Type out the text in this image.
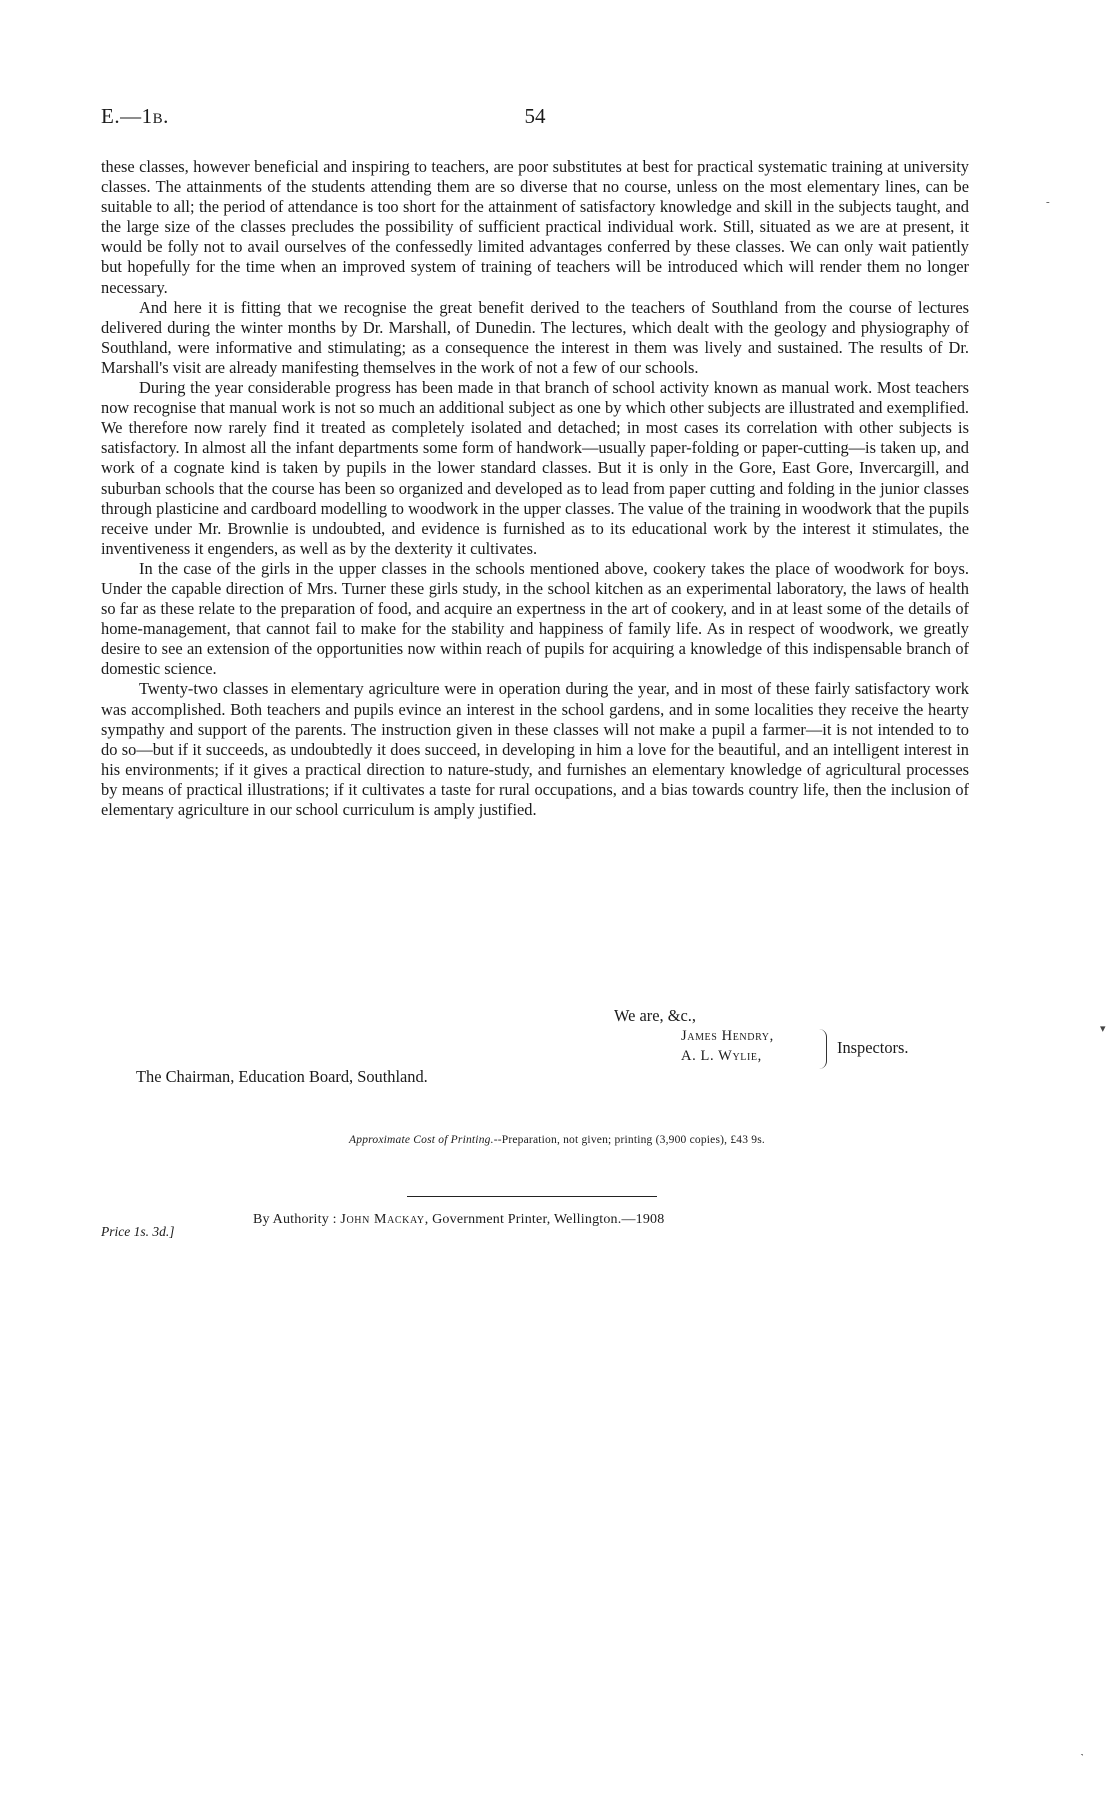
E.—1B.	54

these classes, however beneficial and inspiring to teachers, are poor substitutes at best for practical systematic training at university classes. The attainments of the students attending them are so diverse that no course, unless on the most elementary lines, can be suitable to all; the period of attendance is too short for the attainment of satisfactory knowledge and skill in the subjects taught, and the large size of the classes precludes the possibility of sufficient practical individual work. Still, situated as we are at present, it would be folly not to avail ourselves of the confessedly limited advantages conferred by these classes. We can only wait patiently but hopefully for the time when an improved system of training of teachers will be introduced which will render them no longer necessary.

And here it is fitting that we recognise the great benefit derived to the teachers of Southland from the course of lectures delivered during the winter months by Dr. Marshall, of Dunedin. The lectures, which dealt with the geology and physiography of Southland, were informative and stimulating; as a consequence the interest in them was lively and sustained. The results of Dr. Marshall's visit are already manifesting themselves in the work of not a few of our schools.

During the year considerable progress has been made in that branch of school activity known as manual work. Most teachers now recognise that manual work is not so much an additional subject as one by which other subjects are illustrated and exemplified. We therefore now rarely find it treated as completely isolated and detached; in most cases its correlation with other subjects is satisfactory. In almost all the infant departments some form of handwork—usually paper-folding or paper-cutting—is taken up, and work of a cognate kind is taken by pupils in the lower standard classes. But it is only in the Gore, East Gore, Invercargill, and suburban schools that the course has been so organized and developed as to lead from paper cutting and folding in the junior classes through plasticine and cardboard modelling to woodwork in the upper classes. The value of the training in woodwork that the pupils receive under Mr. Brownlie is undoubted, and evidence is furnished as to its educational work by the interest it stimulates, the inventiveness it engenders, as well as by the dexterity it cultivates.

In the case of the girls in the upper classes in the schools mentioned above, cookery takes the place of woodwork for boys. Under the capable direction of Mrs. Turner these girls study, in the school kitchen as an experimental laboratory, the laws of health so far as these relate to the preparation of food, and acquire an expertness in the art of cookery, and in at least some of the details of home-management, that cannot fail to make for the stability and happiness of family life. As in respect of woodwork, we greatly desire to see an extension of the opportunities now within reach of pupils for acquiring a knowledge of this indispensable branch of domestic science.

Twenty-two classes in elementary agriculture were in operation during the year, and in most of these fairly satisfactory work was accomplished. Both teachers and pupils evince an interest in the school gardens, and in some localities they receive the hearty sympathy and support of the parents. The instruction given in these classes will not make a pupil a farmer—it is not intended to to do so—but if it succeeds, as undoubtedly it does succeed, in developing in him a love for the beautiful, and an intelligent interest in his environments; if it gives a practical direction to nature-study, and furnishes an elementary knowledge of agricultural processes by means of practical illustrations; if it cultivates a taste for rural occupations, and a bias towards country life, then the inclusion of elementary agriculture in our school curriculum is amply justified.

We are, &c.,
James Hendry,
A. L. Wylie,	Inspectors.
The Chairman, Education Board, Southland.
Approximate Cost of Printing.--Preparation, not given; printing (3,900 copies), £43 9s.
By Authority : John Mackay, Government Printer, Wellington.—1908
Price 1s. 3d.]
-
▾
˺
